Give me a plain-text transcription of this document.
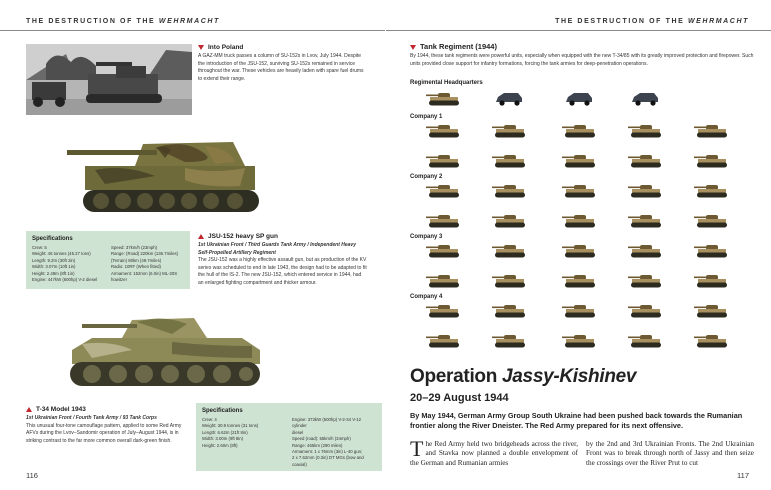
THE DESTRUCTION OF THE WEHRMACHT
Into Poland
A GAZ-MM truck passes a column of SU-152s in Lvov, July 1944. Despite the introduction of the JSU-152, surviving SU-152s remained in service throughout the war. These vehicles are heavily laden with spare fuel drums to extend their range.
Specifications
Crew: 5
Weight: 46 tonnes (45.27 tons)
Length: 9.2m (30ft 2in)
Width: 3.07m (10ft 1in)
Height: 2.48m (8ft 1in)
Engine: 447kW (600hp) V-2 diesel
Speed: 37km/h (23mph)
Range: (Road) 220km (136.7miles)
(Terrain) 80km (49.7miles)
Radio: 10RF (When fitted)
Armament: 152mm (6.0in) ML-20S howitzer
JSU-152 heavy SP gun
1st Ukrainian Front / Third Guards Tank Army / Independent Heavy Self-Propelled Artillery Regiment
The JSU-152 was a highly effective assault gun, but as production of the KV series was scheduled to end in late 1943, the design had to be adapted to fit the hull of the IS-2. The new JSU-152, which entered service in 1944, had an enlarged fighting compartment and thicker armour.
T-34 Model 1943
1st Ukrainian Front / Fourth Tank Army / 93 Tank Corps
This unusual four-tone camouflage pattern, applied to some Red Army AFVs during the Lvov–Sandomir operation of July–August 1944, is in striking contrast to the far more common overall dark-green finish.
Specifications
Crew: 4
Weight: 30.9 tonnes (31 tons)
Length: 6.62m (21ft 8in)
Width: 3.00m (9ft 8in)
Height: 2.60m (8ft)
Engine: 373kW (500hp) V-2-34 V-12 cylinder
diesel
Speed (road): 55km/h (34mph)
Range: 465km (290 miles)
Armament: 1 x 76mm (3in) L-40 gun;
2 x 7.62mm (0.3in) DT MGs (bow and coaxial)
116
THE DESTRUCTION OF THE WEHRMACHT
Tank Regiment (1944)
By 1944, these tank regiments were powerful units, especially when equipped with the new T-34/85 with its greatly improved protection and firepower. Such units provided close support for infantry formations, forcing the tank armies for deep-penetration operations.
Regimental Headquarters
Company 1
Company 2
Company 3
Company 4
Operation Jassy-Kishinev
20–29 August 1944
By May 1944, German Army Group South Ukraine had been pushed back towards the Rumanian frontier along the River Dneister. The Red Army prepared for its next offensive.
The Red Army held two bridgeheads across the river, and Stavka now planned a double envelopment of the German and Rumanian armies
by the 2nd and 3rd Ukrainian Fronts. The 2nd Ukrainian Front was to break through north of Jassy and then seize the crossings over the River Prut to cut
117
